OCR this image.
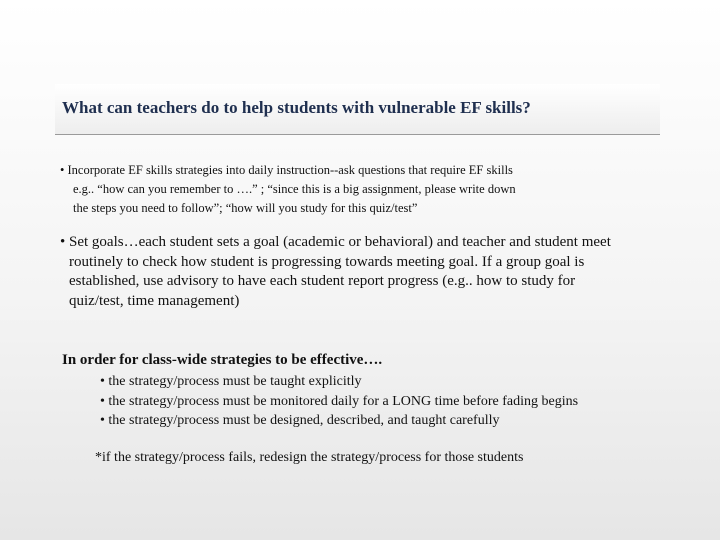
What can teachers do to help students with vulnerable EF skills?
• Incorporate EF skills strategies into daily instruction--ask questions that require EF skills
e.g.. “how can you remember to ….” ; “since this is a big assignment, please write down
the steps you need to follow”; “how will you study for this quiz/test”
• Set goals…each student sets a goal (academic or behavioral) and teacher and student meet
routinely to check how student is progressing towards meeting goal. If a group goal is
established, use advisory to have each student report progress (e.g.. how to study for
quiz/test, time management)
In order for class-wide strategies to be effective….
• the strategy/process must be taught explicitly
• the strategy/process must be monitored daily for a LONG time before fading begins
• the strategy/process must be designed, described, and taught carefully
*if the strategy/process fails, redesign the strategy/process for those students
